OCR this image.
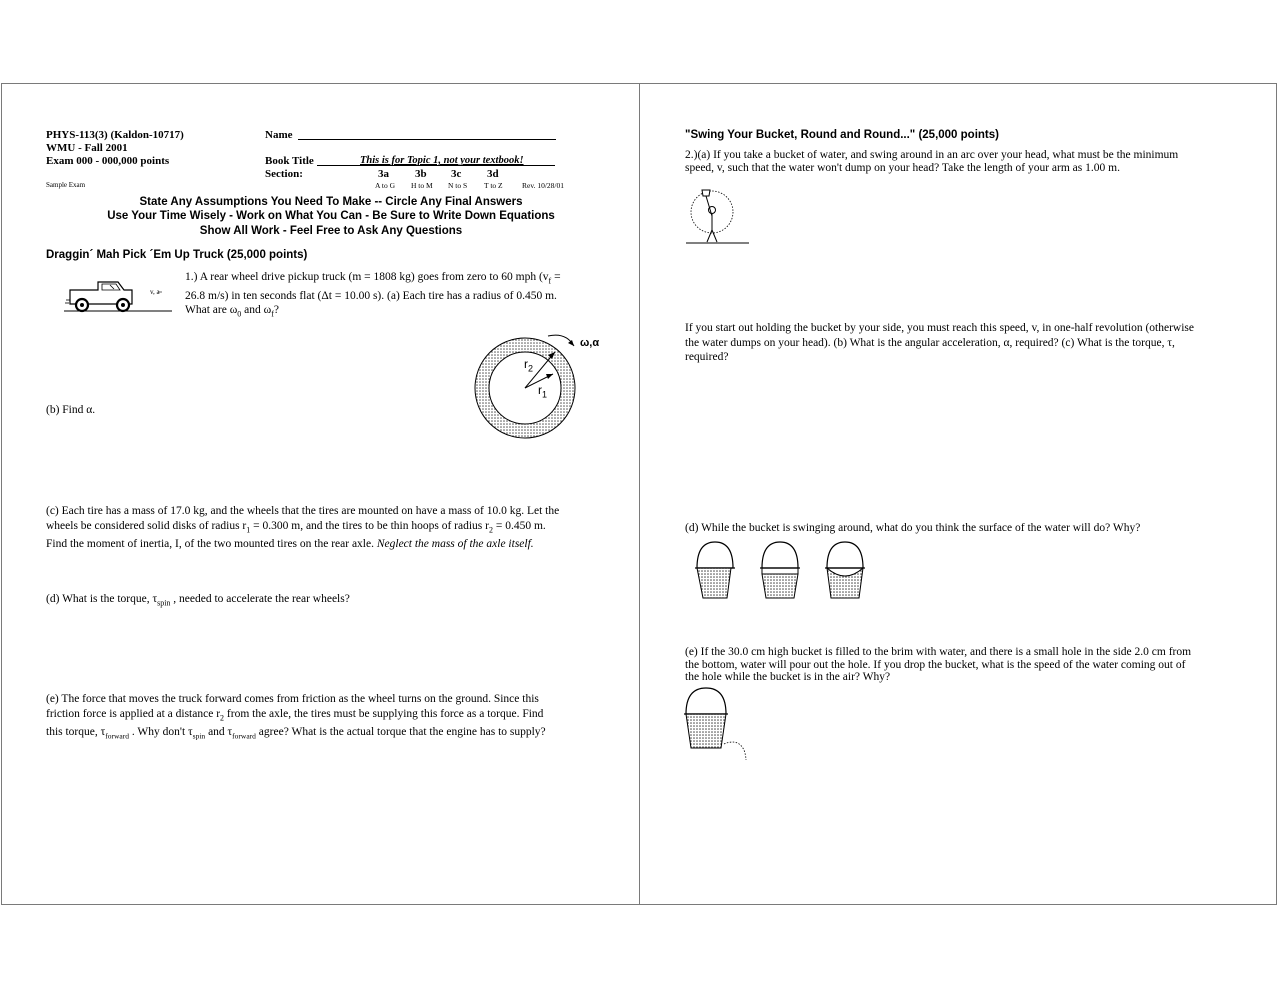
PHYS-113(3) (Kaldon-10717)
WMU - Fall 2001
Exam 000 - 000,000 points
Sample Exam
Name
Book Title	This is for Topic 1, not your textbook!
Section:	3a 3b 3c 3d
A to G H to M N to S T to Z	Rev. 10/28/01
State Any Assumptions You Need To Make -- Circle Any Final Answers
Use Your Time Wisely - Work on What You Can - Be Sure to Write Down Equations
Show All Work - Feel Free to Ask Any Questions
Draggin´ Mah Pick ´Em Up Truck (25,000 points)
v, a
1.) A rear wheel drive pickup truck (m = 1808 kg) goes from zero to 60 mph ($v_f$ =
26.8 m/s) in ten seconds flat (Δt = 10.00 s). (a) Each tire has a radius of 0.450 m.
What are $\omega_0$ and $\omega_f$?
ω,α
$r_2$
$r_1$
(b) Find α.
(c) Each tire has a mass of 17.0 kg, and the wheels that the tires are mounted on have a mass of 10.0 kg. Let the
wheels be considered solid disks of radius $r_1 = 0.300$ m, and the tires to be thin hoops of radius $r_2 = 0.450$ m.
Find the moment of inertia, I, of the two mounted tires on the rear axle. Neglect the mass of the axle itself.
(d) What is the torque, $\tau_{spin}$ , needed to accelerate the rear wheels?
(e) The force that moves the truck forward comes from friction as the wheel turns on the ground. Since this
friction force is applied at a distance $r_2$ from the axle, the tires must be supplying this force as a torque. Find
this torque, $\tau_{forward}$ . Why don't $\tau_{spin}$ and $\tau_{forward}$ agree? What is the actual torque that the engine has to supply?
"Swing Your Bucket, Round and Round..." (25,000 points)
2.)(a) If you take a bucket of water, and swing around in an arc over your head, what must be the minimum
speed, v, such that the water won't dump on your head? Take the length of your arm as 1.00 m.
If you start out holding the bucket by your side, you must reach this speed, v, in one-half revolution (otherwise
the water dumps on your head). (b) What is the angular acceleration, α, required? (c) What is the torque, τ,
required?
(d) While the bucket is swinging around, what do you think the surface of the water will do? Why?
(e) If the 30.0 cm high bucket is filled to the brim with water, and there is a small hole in the side 2.0 cm from
the bottom, water will pour out the hole. If you drop the bucket, what is the speed of the water coming out of
the hole while the bucket is in the air? Why?
